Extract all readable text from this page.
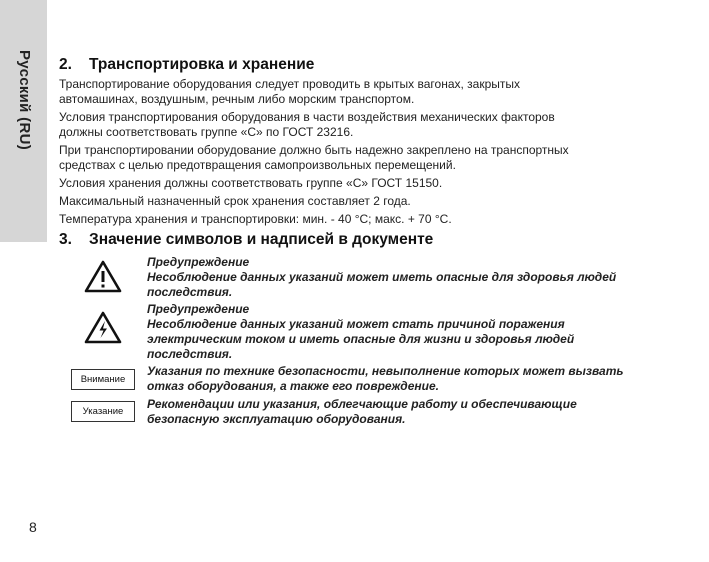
Русский (RU) 2. Транспортировка и хранение

Транспортирование оборудования следует проводить в крытых вагонах, закрытых
автомашинах, воздушным, речным либо морским транспортом.

Условия транспортирования оборудования в части воздействия механических факторов
должны соответствовать группе «С» по ГОСТ 23216.

При транспортировании оборудование должно быть надежно закреплено на транспортных
средствах с целью предотвращения самопроизвольных перемещений.

Условия хранения должны соответствовать группе «С» ГОСТ 15150.

Максимальный назначенный срок хранения составляет 2 года.

Температура хранения и транспортировки: мин. - 40 °C; макс. + 70 °C.

3. Значение символов и надписей в документе
Предупреждение
Несоблюдение данных указаний может иметь опасные для здоровья людей
последствия.
Предупреждение
Несоблюдение данных указаний может стать причиной поражения
электрическим током и иметь опасные для жизни и здоровья людей
последствия.
Внимание
Указания по технике безопасности, невыполнение которых может вызвать
отказ оборудования, а также его повреждение.
Указание
Рекомендации или указания, облегчающие работу и обеспечивающие
безопасную эксплуатацию оборудования.
8
